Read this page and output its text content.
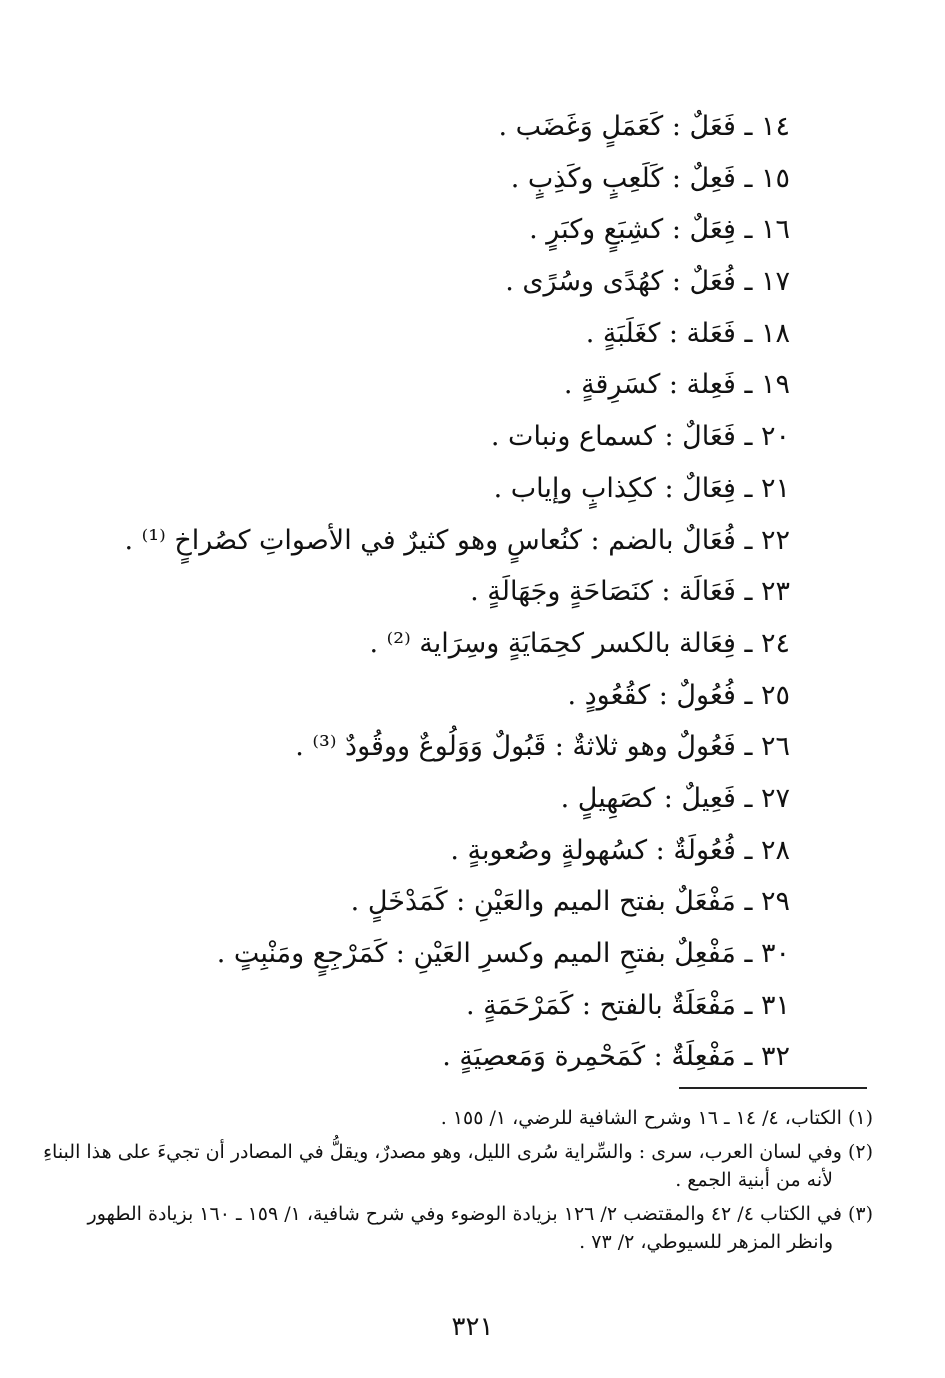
١٤ ـ فَعَلٌ : كَعَمَلٍ وَغَضَب .
١٥ ـ فَعِلٌ : كَلَعِبٍ وكَذِبٍ .
١٦ ـ فِعَلٌ : كشِبَعٍ وكبَرٍ .
١٧ ـ فُعَلٌ : كهُدًى وسُرًى .
١٨ ـ فَعَلة : كغَلَبَةٍ .
١٩ ـ فَعِلة : كسَرِقةٍ .
٢٠ ـ فَعَالٌ : كسماع ونبات .
٢١ ـ فِعَالٌ : ككِذابٍ وإياب .
٢٢ ـ فُعَالٌ بالضم : كنُعاسٍ وهو كثيرٌ في الأصواتِ كصُراخٍ ⁽¹⁾ .
٢٣ ـ فَعَالَة : كنَصَاحَةٍ وجَهَالَةٍ .
٢٤ ـ فِعَالة بالكسر كحِمَايَةٍ وسِرَاية ⁽²⁾ .
٢٥ ـ فُعُولٌ : كقُعُودٍ .
٢٦ ـ فَعُولٌ وهو ثلاثةٌ : قَبُولٌ وَوَلُوعٌ ووقُودٌ ⁽³⁾ .
٢٧ ـ فَعِيلٌ : كصَهِيلٍ .
٢٨ ـ فُعُولَةٌ : كسُهولةٍ وصُعوبةٍ .
٢٩ ـ مَفْعَلٌ بفتح الميم والعَيْنِ : كَمَدْخَلٍ .
٣٠ ـ مَفْعِلٌ بفتحِ الميم وكسرِ العَيْنِ : كَمَرْجِعٍ ومَنْبِتٍ .
٣١ ـ مَفْعَلَةٌ بالفتح : كَمَرْحَمَةٍ .
٣٢ ـ مَفْعِلَةٌ : كَمَحْمِرة وَمَعصِيَةٍ .
(١) الكتاب، ٤/ ١٤ ـ ١٦ وشرح الشافية للرضي، ١/ ١٥٥ .
(٢) وفي لسان العرب، سرى : والسِّراية سُرى الليل، وهو مصدرٌ، ويقلُّ في المصادر أن تجيءَ على هذا البناءِ
لأنه من أبنية الجمع .
(٣) في الكتاب ٤/ ٤٢ والمقتضب ٢/ ١٢٦ بزيادة الوضوء وفي شرح شافية، ١/ ١٥٩ ـ ١٦٠ بزيادة الطهور
وانظر المزهر للسيوطي، ٢/ ٧٣ .
٣٢١
